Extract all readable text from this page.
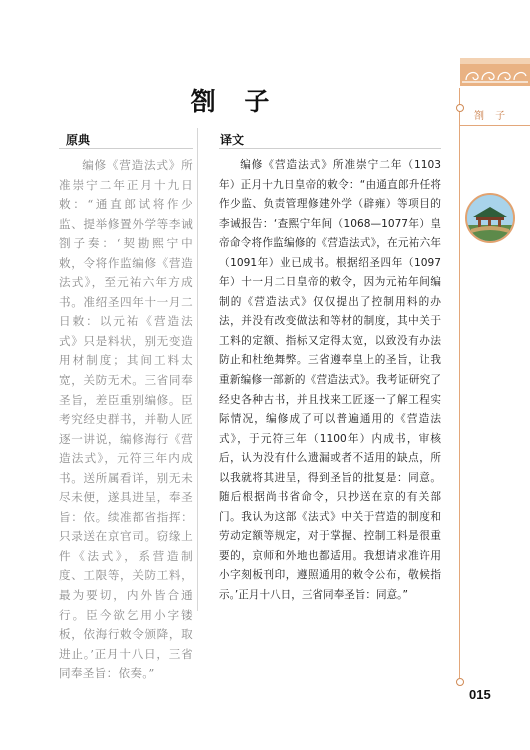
劄 子
劄 子
原典	译文

编修《营造法式》所准崇宁二年正月十九日敕：“通直郎试将作少监、提举修置外学等李诫劄子奏：‘契勘熙宁中敕，令将作监编修《营造法式》，至元祐六年方成书。准绍圣四年十一月二日敕：以元祐《营造法式》只是料状，别无变造用材制度；其间工料太宽，关防无术。三省同奉圣旨，差臣重别编修。臣考究经史群书，并勒人匠逐一讲说，编修海行《营造法式》，元符三年内成书。送所属看详，别无未尽未便，遂具进呈，奉圣旨：依。续准都省指挥：只录送在京官司。窃缘上件《法式》，系营造制度、工限等，关防工料，最为要切，内外皆合通行。臣今欲乞用小字镂板，依海行敕令颁降，取进止。’正月十八日，三省同奉圣旨：依奏。”

编修《营造法式》所准崇宁二年（1103年）正月十九日皇帝的敕令：“由通直郎升任将作少监、负责管理修建外学（辟雍）等项目的李诫报告：‘查熙宁年间（1068—1077年）皇帝命令将作监编修的《营造法式》，在元祐六年（1091年）业已成书。根据绍圣四年（1097年）十一月二日皇帝的敕令，因为元祐年间编制的《营造法式》仅仅提出了控制用料的办法，并没有改变做法和等材的制度，其中关于工料的定额、指标又定得太宽，以致没有办法防止和杜绝舞弊。三省遵奉皇上的圣旨，让我重新编修一部新的《营造法式》。我考证研究了经史各种古书，并且找来工匠逐一了解工程实际情况，编修成了可以普遍通用的《营造法式》，于元符三年（1100年）内成书，审核后，认为没有什么遗漏或者不适用的缺点，所以我就将其进呈，得到圣旨的批复是：同意。随后根据尚书省命令，只抄送在京的有关部门。我认为这部《法式》中关于营造的制度和劳动定额等规定，对于掌握、控制工料是很重要的，京师和外地也都适用。我想请求准许用小字刻板刊印，遵照通用的敕令公布，敬候指示。’正月十八日，三省同奉圣旨：同意。”

015
